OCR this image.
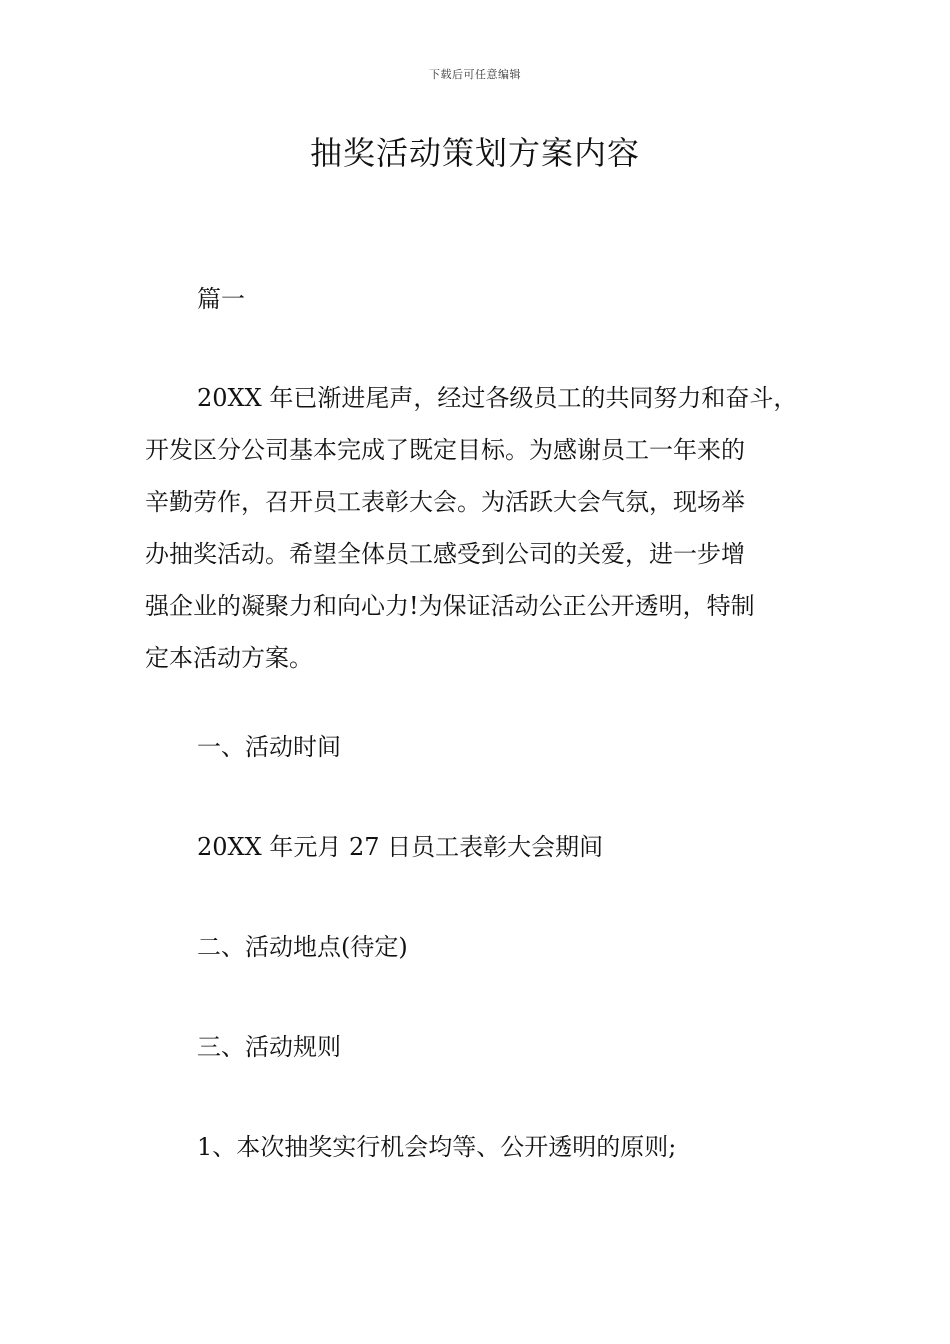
下载后可任意编辑
抽奖活动策划方案内容

篇一

20XX 年已渐进尾声，经过各级员工的共同努力和奋斗，
开发区分公司基本完成了既定目标。为感谢员工一年来的
辛勤劳作，召开员工表彰大会。为活跃大会气氛，现场举
办抽奖活动。希望全体员工感受到公司的关爱，进一步增
强企业的凝聚力和向心力!为保证活动公正公开透明，特制
定本活动方案。

一、活动时间

20XX 年元月 27 日员工表彰大会期间

二、活动地点(待定)

三、活动规则

1、本次抽奖实行机会均等、公开透明的原则;
